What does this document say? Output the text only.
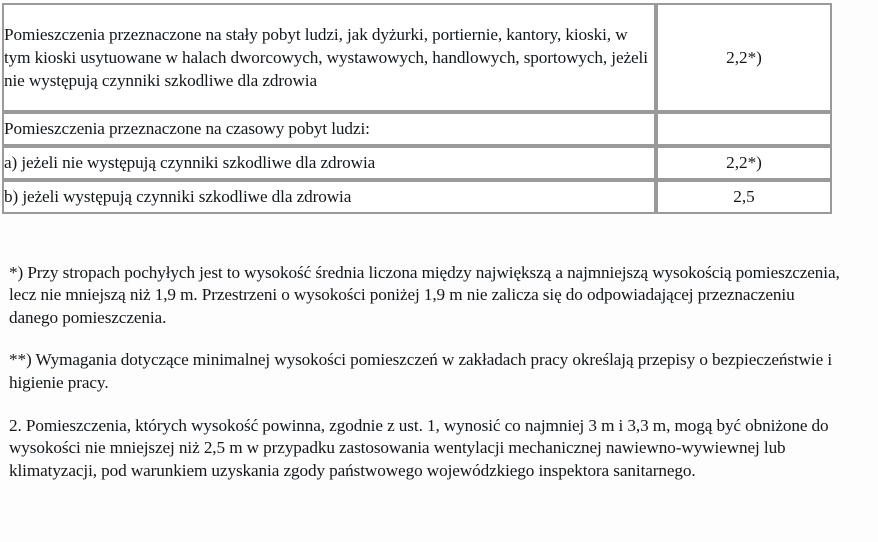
Pomieszczenia przeznaczone na stały pobyt ludzi, jak dyżurki, portiernie, kantory, kioski, w tym kioski usytuowane w halach dworcowych, wystawowych, handlowych, sportowych, jeżeli nie występują czynniki szkodliwe dla zdrowia	2,2*)
Pomieszczenia przeznaczone na czasowy pobyt ludzi:	
a) jeżeli nie występują czynniki szkodliwe dla zdrowia	2,2*)
b) jeżeli występują czynniki szkodliwe dla zdrowia	2,5

*) Przy stropach pochyłych jest to wysokość średnia liczona między największą a najmniejszą wysokością pomieszczenia, lecz nie mniejszą niż 1,9 m. Przestrzeni o wysokości poniżej 1,9 m nie zalicza się do odpowiadającej przeznaczeniu danego pomieszczenia.

**) Wymagania dotyczące minimalnej wysokości pomieszczeń w zakładach pracy określają przepisy o bezpieczeństwie i higienie pracy.

2. Pomieszczenia, których wysokość powinna, zgodnie z ust. 1, wynosić co najmniej 3 m i 3,3 m, mogą być obniżone do wysokości nie mniejszej niż 2,5 m w przypadku zastosowania wentylacji mechanicznej nawiewno-wywiewnej lub klimatyzacji, pod warunkiem uzyskania zgody państwowego wojewódzkiego inspektora sanitarnego.
